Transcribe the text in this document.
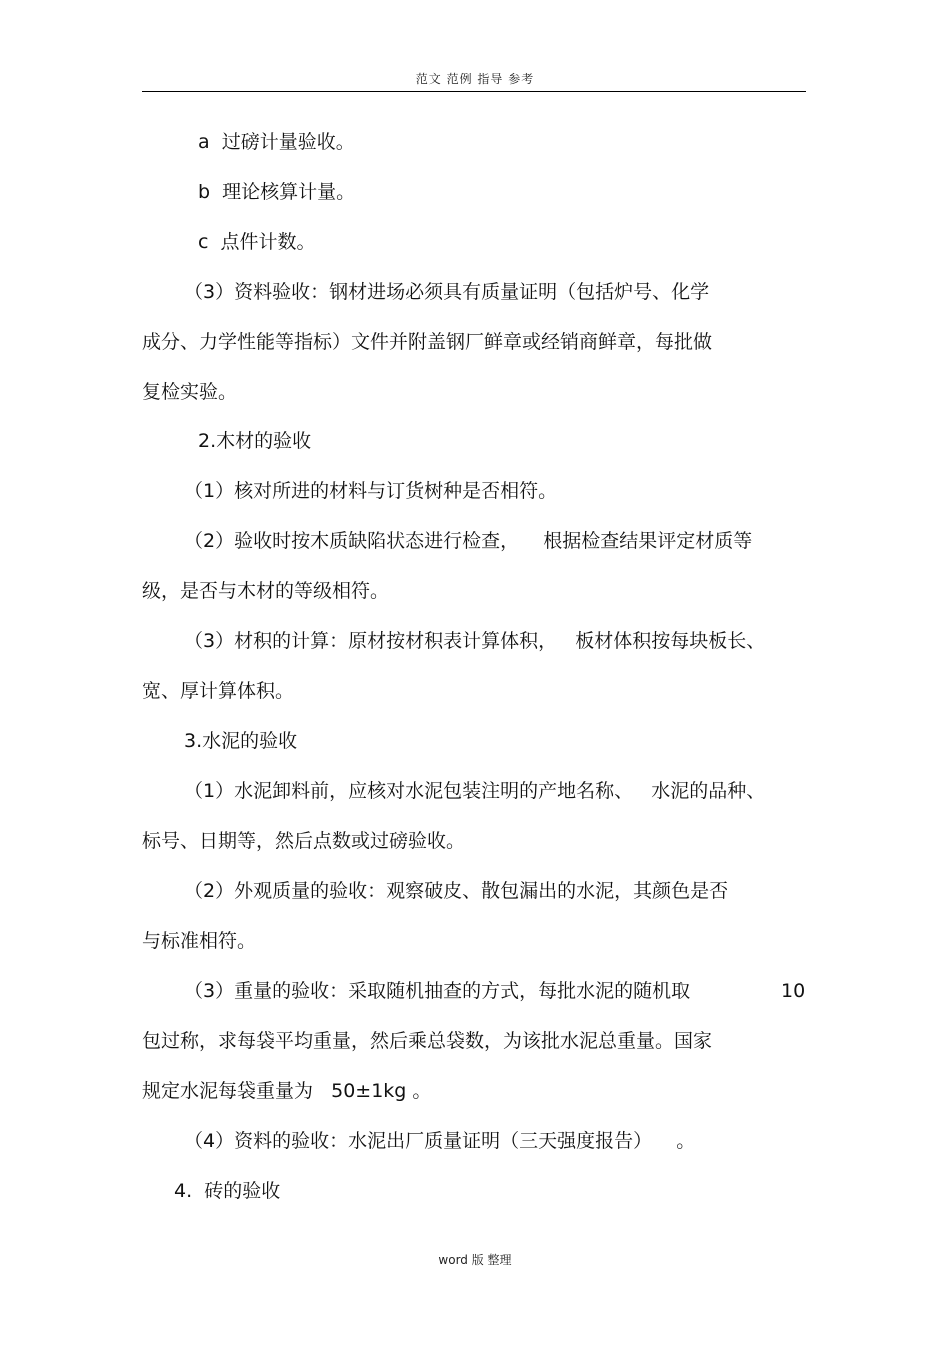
范文 范例 指导 参考
a  过磅计量验收。
b  理论核算计量。
c  点件计数。
（3）资料验收：钢材进场必须具有质量证明（包括炉号、化学
成分、力学性能等指标）文件并附盖钢厂鲜章或经销商鲜章，每批做
复检实验。
2.木材的验收
（1）核对所进的材料与订货树种是否相符。
（2）验收时按木质缺陷状态进行检查，    根据检查结果评定材质等
级，是否与木材的等级相符。
（3）材积的计算：原材按材积表计算体积，   板材体积按每块板长、
宽、厚计算体积。
3.水泥的验收
（1）水泥卸料前，应核对水泥包装注明的产地名称、   水泥的品种、
标号、日期等，然后点数或过磅验收。
（2）外观质量的验收：观察破皮、散包漏出的水泥，其颜色是否
与标准相符。
（3）重量的验收：采取随机抽查的方式，每批水泥的随机取	10
包过称，求每袋平均重量，然后乘总袋数，为该批水泥总重量。国家
规定水泥每袋重量为   50±1kg 。
（4）资料的验收：水泥出厂质量证明（三天强度报告）    。
4.  砖的验收
word 版 整理
